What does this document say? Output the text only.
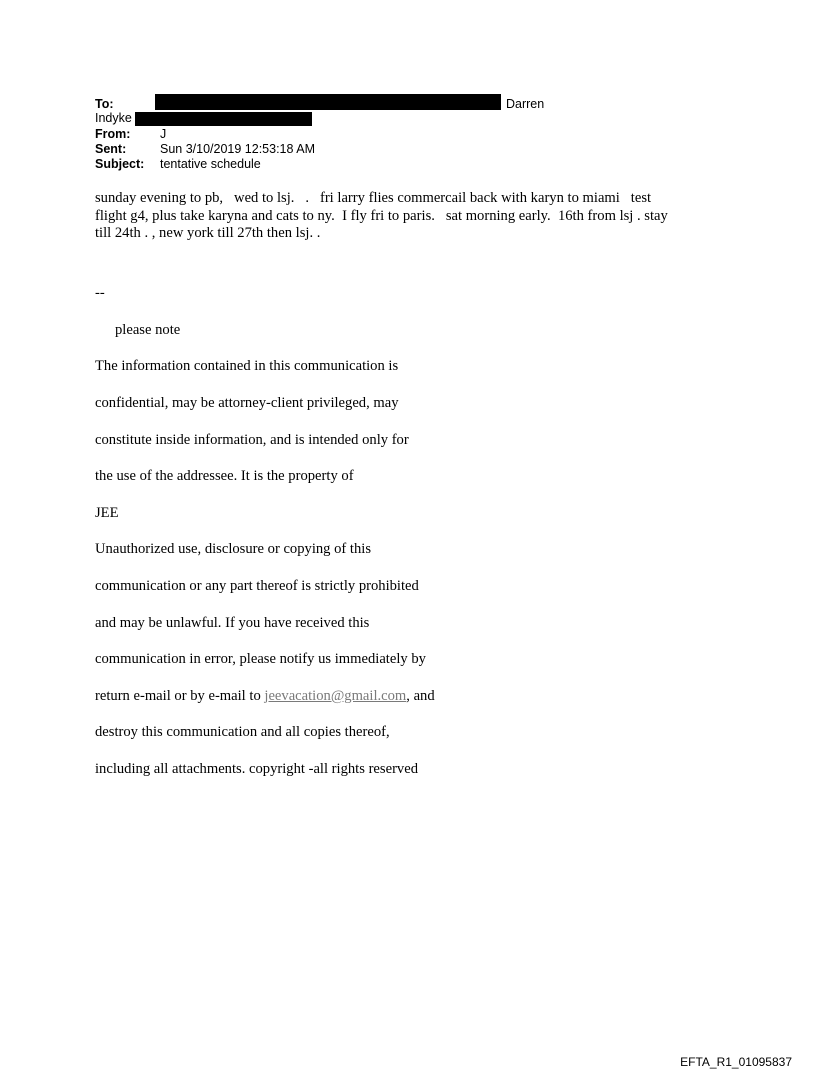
To:	Darren
Indyke
From: J
Sent:	Sun 3/10/2019 12:53:18 AM
Subject: tentative schedule
sunday evening to pb,   wed to lsj.   .   fri larry flies commercail back with karyn to miami   test
flight g4, plus take karyna and cats to ny.  I fly fri to paris.   sat morning early.  16th from lsj . stay
till 24th . , new york till 27th then lsj. .

--

please note

The information contained in this communication is

confidential, may be attorney-client privileged, may

constitute inside information, and is intended only for

the use of the addressee. It is the property of

JEE

Unauthorized use, disclosure or copying of this

communication or any part thereof is strictly prohibited

and may be unlawful. If you have received this

communication in error, please notify us immediately by

return e-mail or by e-mail to jeevacation@gmail.com, and

destroy this communication and all copies thereof,

including all attachments. copyright -all rights reserved

EFTA_R1_01095837
